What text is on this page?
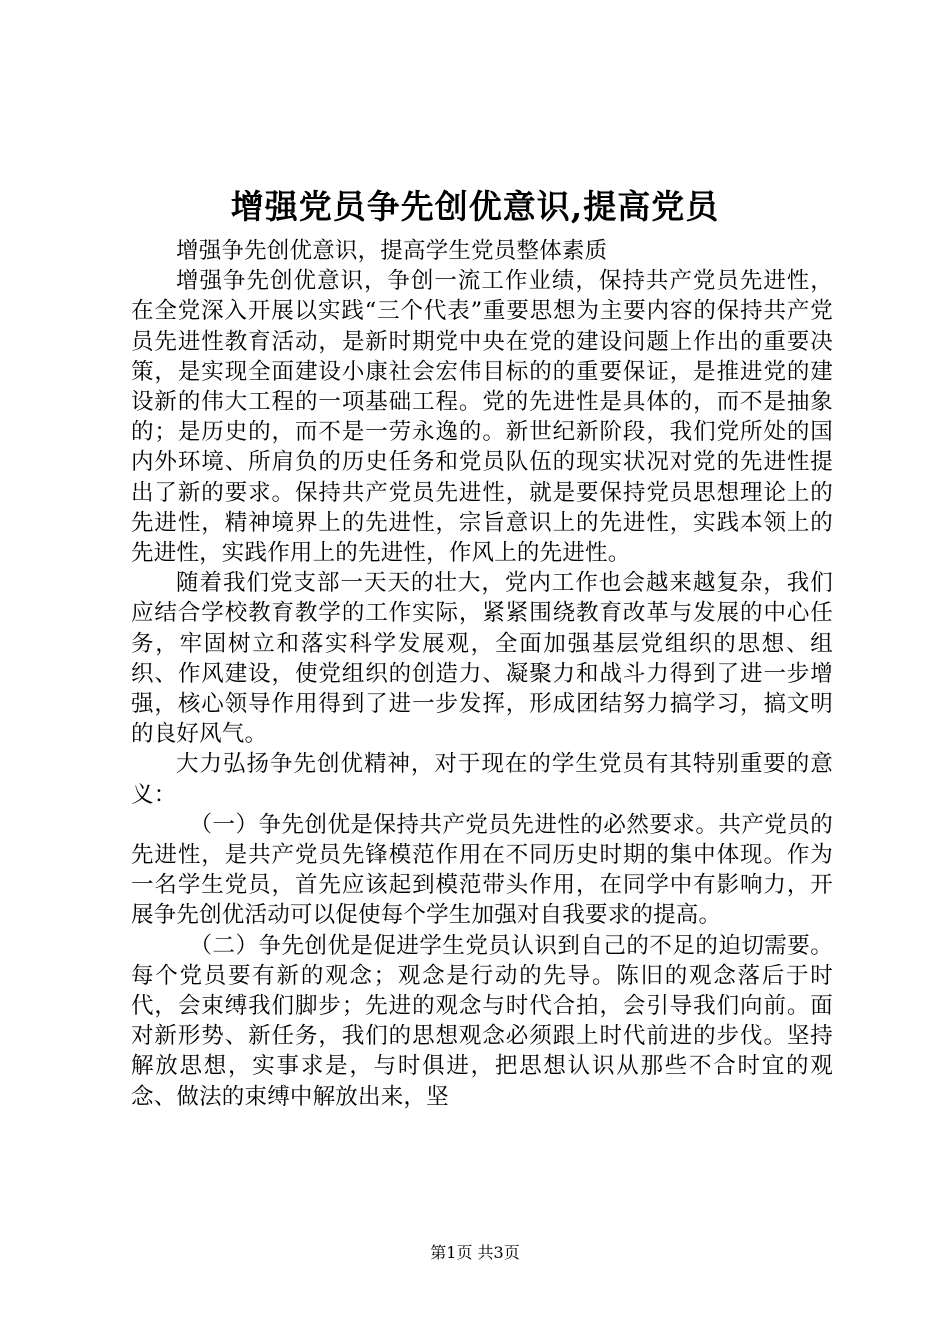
增强党员争先创优意识,提高党员

增强争先创优意识，提高学生党员整体素质

增强争先创优意识，争创一流工作业绩，保持共产党员先进性，在全党深入开展以实践“三个代表”重要思想为主要内容的保持共产党员先进性教育活动，是新时期党中央在党的建设问题上作出的重要决策，是实现全面建设小康社会宏伟目标的的重要保证，是推进党的建设新的伟大工程的一项基础工程。党的先进性是具体的，而不是抽象的；是历史的，而不是一劳永逸的。新世纪新阶段，我们党所处的国内外环境、所肩负的历史任务和党员队伍的现实状况对党的先进性提出了新的要求。保持共产党员先进性，就是要保持党员思想理论上的先进性，精神境界上的先进性，宗旨意识上的先进性，实践本领上的先进性，实践作用上的先进性，作风上的先进性。

随着我们党支部一天天的壮大，党内工作也会越来越复杂，我们应结合学校教育教学的工作实际，紧紧围绕教育改革与发展的中心任务，牢固树立和落实科学发展观，全面加强基层党组织的思想、组织、作风建设，使党组织的创造力、凝聚力和战斗力得到了进一步增强，核心领导作用得到了进一步发挥，形成团结努力搞学习，搞文明的良好风气。

大力弘扬争先创优精神，对于现在的学生党员有其特别重要的意义：

（一）争先创优是保持共产党员先进性的必然要求。共产党员的先进性，是共产党员先锋模范作用在不同历史时期的集中体现。作为一名学生党员，首先应该起到模范带头作用，在同学中有影响力，开展争先创优活动可以促使每个学生加强对自我要求的提高。

（二）争先创优是促进学生党员认识到自己的不足的迫切需要。每个党员要有新的观念；观念是行动的先导。陈旧的观念落后于时代，会束缚我们脚步；先进的观念与时代合拍，会引导我们向前。面对新形势、新任务，我们的思想观念必须跟上时代前进的步伐。坚持解放思想，实事求是，与时俱进，把思想认识从那些不合时宜的观念、做法的束缚中解放出来，坚

第1页 共3页
